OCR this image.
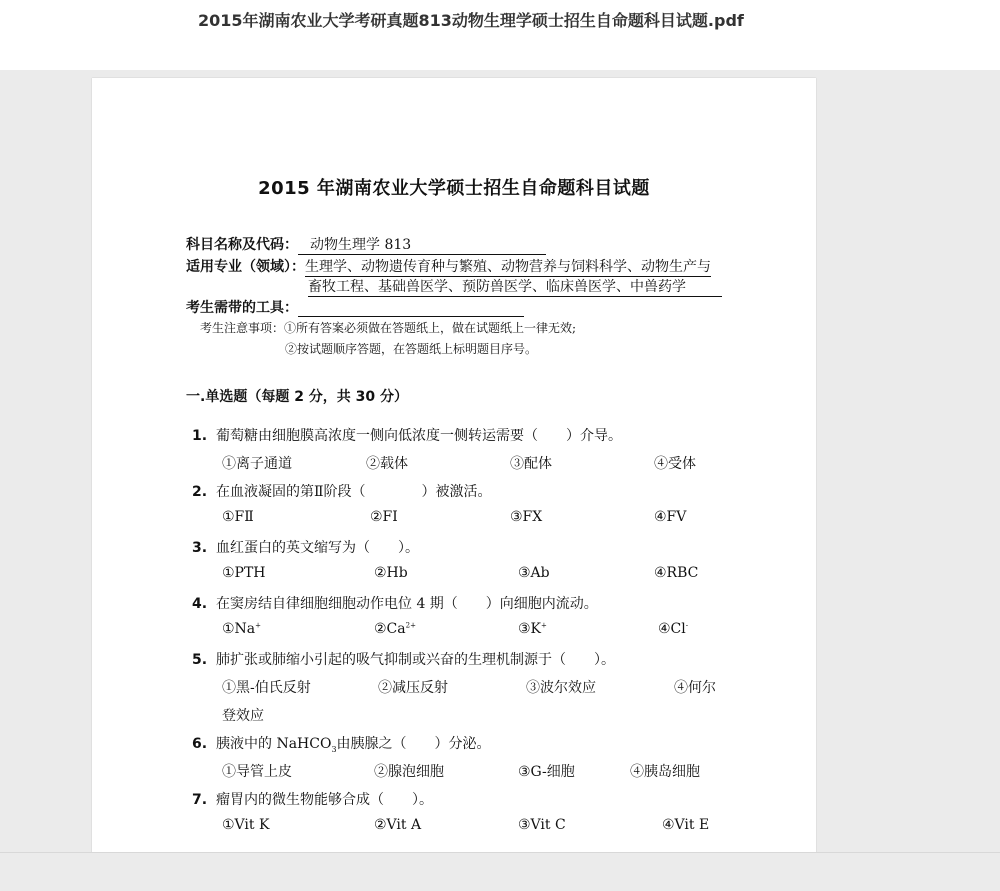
2015年湖南农业大学考研真题813动物生理学硕士招生自命题科目试题.pdf
2015 年湖南农业大学硕士招生自命题科目试题
科目名称及代码： 动物生理学 813
适用专业（领域）：生理学、动物遗传育种与繁殖、动物营养与饲料科学、动物生产与
畜牧工程、基础兽医学、预防兽医学、临床兽医学、中兽药学
考生需带的工具：
考生注意事项：①所有答案必须做在答题纸上，做在试题纸上一律无效;
②按试题顺序答题，在答题纸上标明题目序号。
一.单选题（每题 2 分，共 30 分）
1. 葡萄糖由细胞膜高浓度一侧向低浓度一侧转运需要（　　）介导。
①离子通道	②载体	③配体	④受体
2. 在血液凝固的第Ⅱ阶段（　　　　）被激活。
①FⅡ	②FⅠ	③FⅩ	④FⅤ
3. 血红蛋白的英文缩写为（　　）。
①PTH	②Hb	③Ab	④RBC
4. 在窦房结自律细胞细胞动作电位 4 期（　　）向细胞内流动。
①Na+	$②Ca^{2+}$	③K+	④Cl-
5. 肺扩张或肺缩小引起的吸气抑制或兴奋的生理机制源于（　　）。
①黑-伯氏反射	②减压反射	③波尔效应	④何尔
登效应
6. 胰液中的 NaHCO$_3$由胰腺之（　　）分泌。
①导管上皮	②腺泡细胞	③G-细胞	④胰岛细胞
7. 瘤胃内的微生物能够合成（　　）。
①Vit K	②Vit A	③Vit C	④Vit E
